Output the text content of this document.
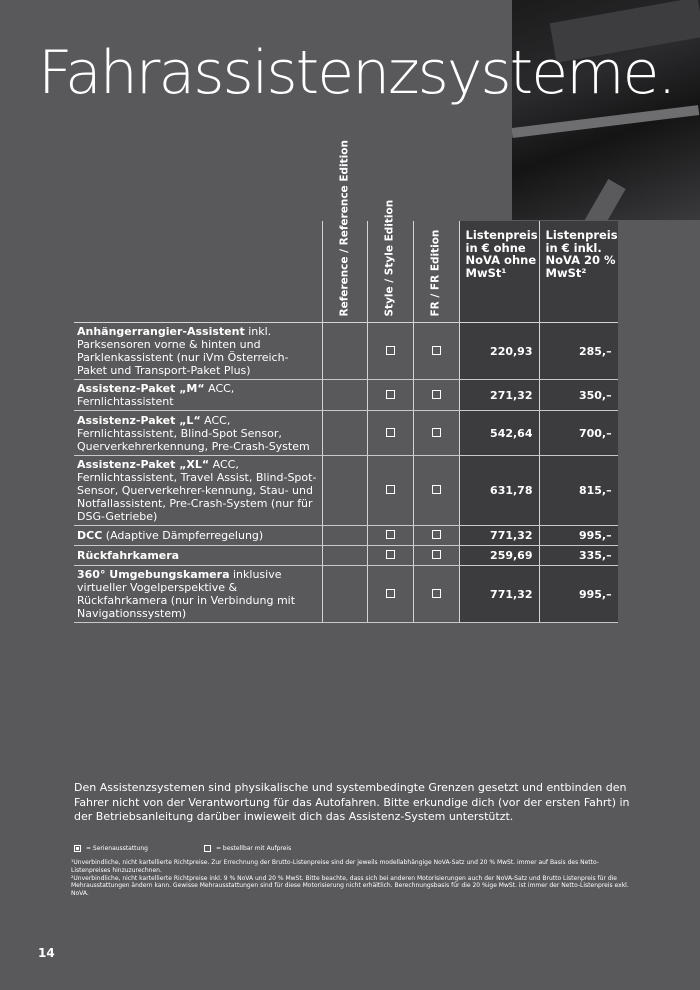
Fahrassistenzsysteme.

	Reference / Reference Edition	Style / Style Edition	FR / FR Edition	Listenpreis in € ohne NoVA ohne MwSt¹	Listenpreis in € inkl. NoVA 20 % MwSt²
Anhängerrangier-Assistent inkl. Parksensoren vorne & hinten und Parklenkassistent (nur iVm Österreich-Paket und Transport-Paket Plus)				220,93	285,–
Assistenz-Paket „M“ ACC, Fernlichtassistent				271,32	350,–
Assistenz-Paket „L“ ACC, Fernlichtassistent, Blind-Spot Sensor, Querverkehrerkennung, Pre-Crash-System				542,64	700,–
Assistenz-Paket „XL“ ACC, Fernlichtassistent, Travel Assist, Blind-Spot-Sensor, Querverkehrer-kennung, Stau- und Notfallassistent, Pre-Crash-System (nur für DSG-Getriebe)				631,78	815,–
DCC (Adaptive Dämpferregelung)				771,32	995,–
Rückfahrkamera				259,69	335,–
360° Umgebungskamera inklusive virtueller Vogelperspektive & Rückfahrkamera (nur in Verbindung mit Navigationssystem)				771,32	995,–
Den Assistenzsystemen sind physikalische und systembedingte Grenzen gesetzt und entbinden den Fahrer nicht von der Verantwortung für das Autofahren. Bitte erkundige dich (vor der ersten Fahrt) in der Betriebsanleitung darüber inwieweit dich das Assistenz-System unterstützt.
= Serienausstattung	= bestellbar mit Aufpreis
¹Unverbindliche, nicht kartellierte Richtpreise. Zur Errechnung der Brutto-Listenpreise sind der jeweils modellabhängige NoVA-Satz und 20 % MwSt. immer auf Basis des Netto-Listenpreises hinzuzurechnen.
²Unverbindliche, nicht kartellierte Richtpreise inkl. 9 % NoVA und 20 % MwSt. Bitte beachte, dass sich bei anderen Motorisierungen auch der NoVA-Satz und Brutto Listenpreis für die Mehrausstattungen ändern kann. Gewisse Mehrausstattungen sind für diese Motorisierung nicht erhältlich. Berechnungsbasis für die 20 %ige MwSt. ist immer der Netto-Listenpreis exkl. NoVA.
14
